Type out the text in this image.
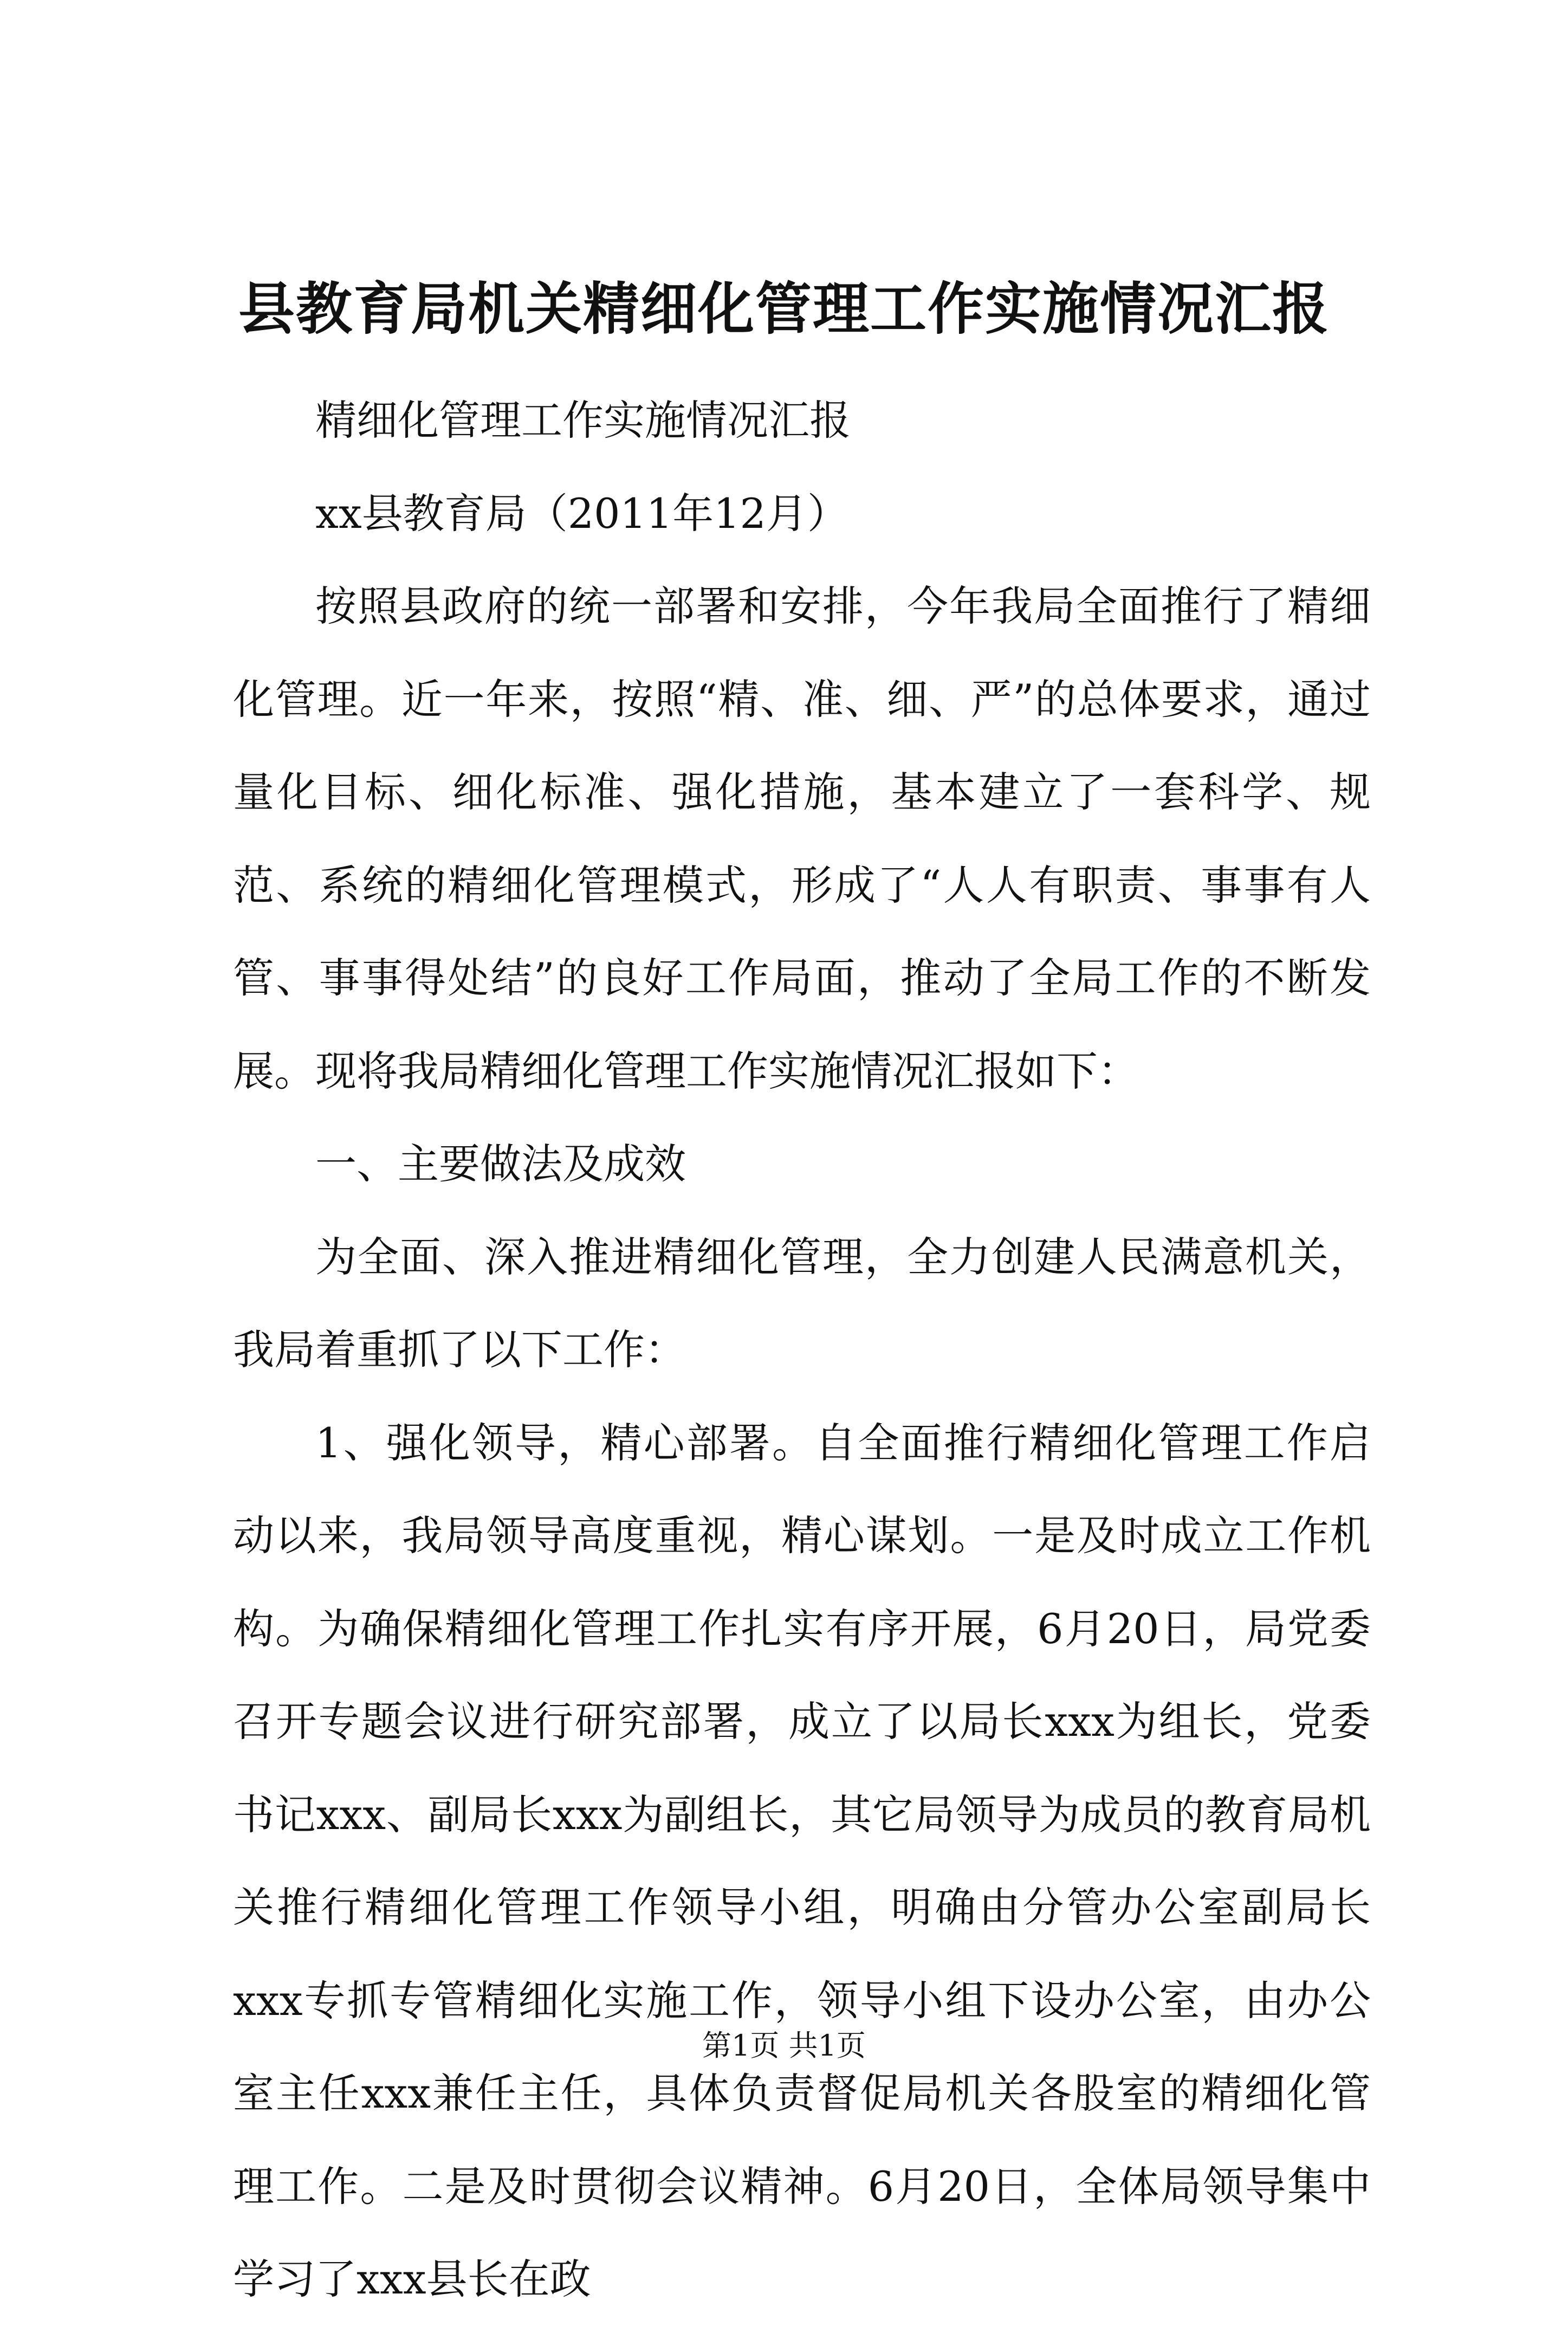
县教育局机关精细化管理工作实施情况汇报

精细化管理工作实施情况汇报

xx县教育局（2011年12月）

按照县政府的统一部署和安排，今年我局全面推行了精细化管理。近一年来，按照“精、准、细、严”的总体要求，通过量化目标、细化标准、强化措施，基本建立了一套科学、规范、系统的精细化管理模式，形成了“人人有职责、事事有人管、事事得处结”的良好工作局面，推动了全局工作的不断发展。现将我局精细化管理工作实施情况汇报如下：

一、主要做法及成效

为全面、深入推进精细化管理，全力创建人民满意机关，我局着重抓了以下工作：

1、强化领导，精心部署。自全面推行精细化管理工作启动以来，我局领导高度重视，精心谋划。一是及时成立工作机构。为确保精细化管理工作扎实有序开展，6月20日，局党委召开专题会议进行研究部署，成立了以局长xxx为组长，党委书记xxx、副局长xxx为副组长，其它局领导为成员的教育局机关推行精细化管理工作领导小组，明确由分管办公室副局长xxx专抓专管精细化实施工作，领导小组下设办公室，由办公室主任xxx兼任主任，具体负责督促局机关各股室的精细化管理工作。二是及时贯彻会议精神。6月20日，全体局领导集中学习了xxx县长在政

第1页 共1页
